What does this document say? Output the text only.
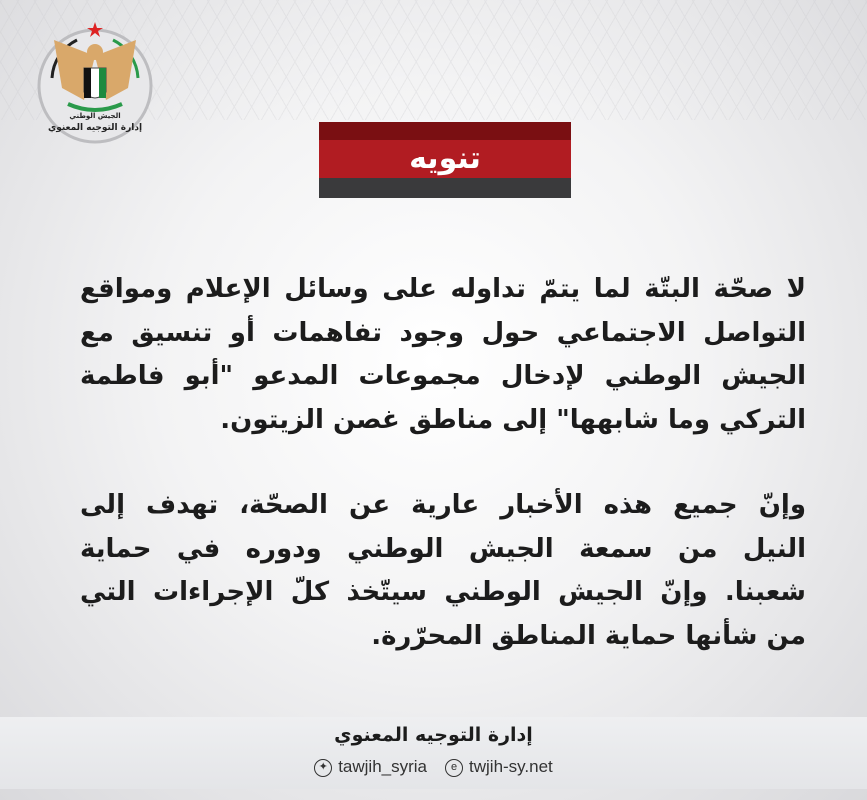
الجيش الوطني
إدارة التوجيه المعنوي
تنويه
لا صحّة البتّة لما يتمّ تداوله على وسائل الإعلام ومواقع
التواصل الاجتماعي حول وجود تفاهمات أو تنسيق مع
الجيش الوطني لإدخال مجموعات المدعو "أبو فاطمة
التركي وما شابهها" إلى مناطق غصن الزيتون.
وإنّ جميع هذه الأخبار عارية عن الصحّة، تهدف إلى
النيل من سمعة الجيش الوطني ودوره في حماية
شعبنا. وإنّ الجيش الوطني سيتّخذ كلّ الإجراءات التي
من شأنها حماية المناطق المحرّرة.
إدارة التوجيه المعنوي
✦ tawjih_syria	e twjih-sy.net
